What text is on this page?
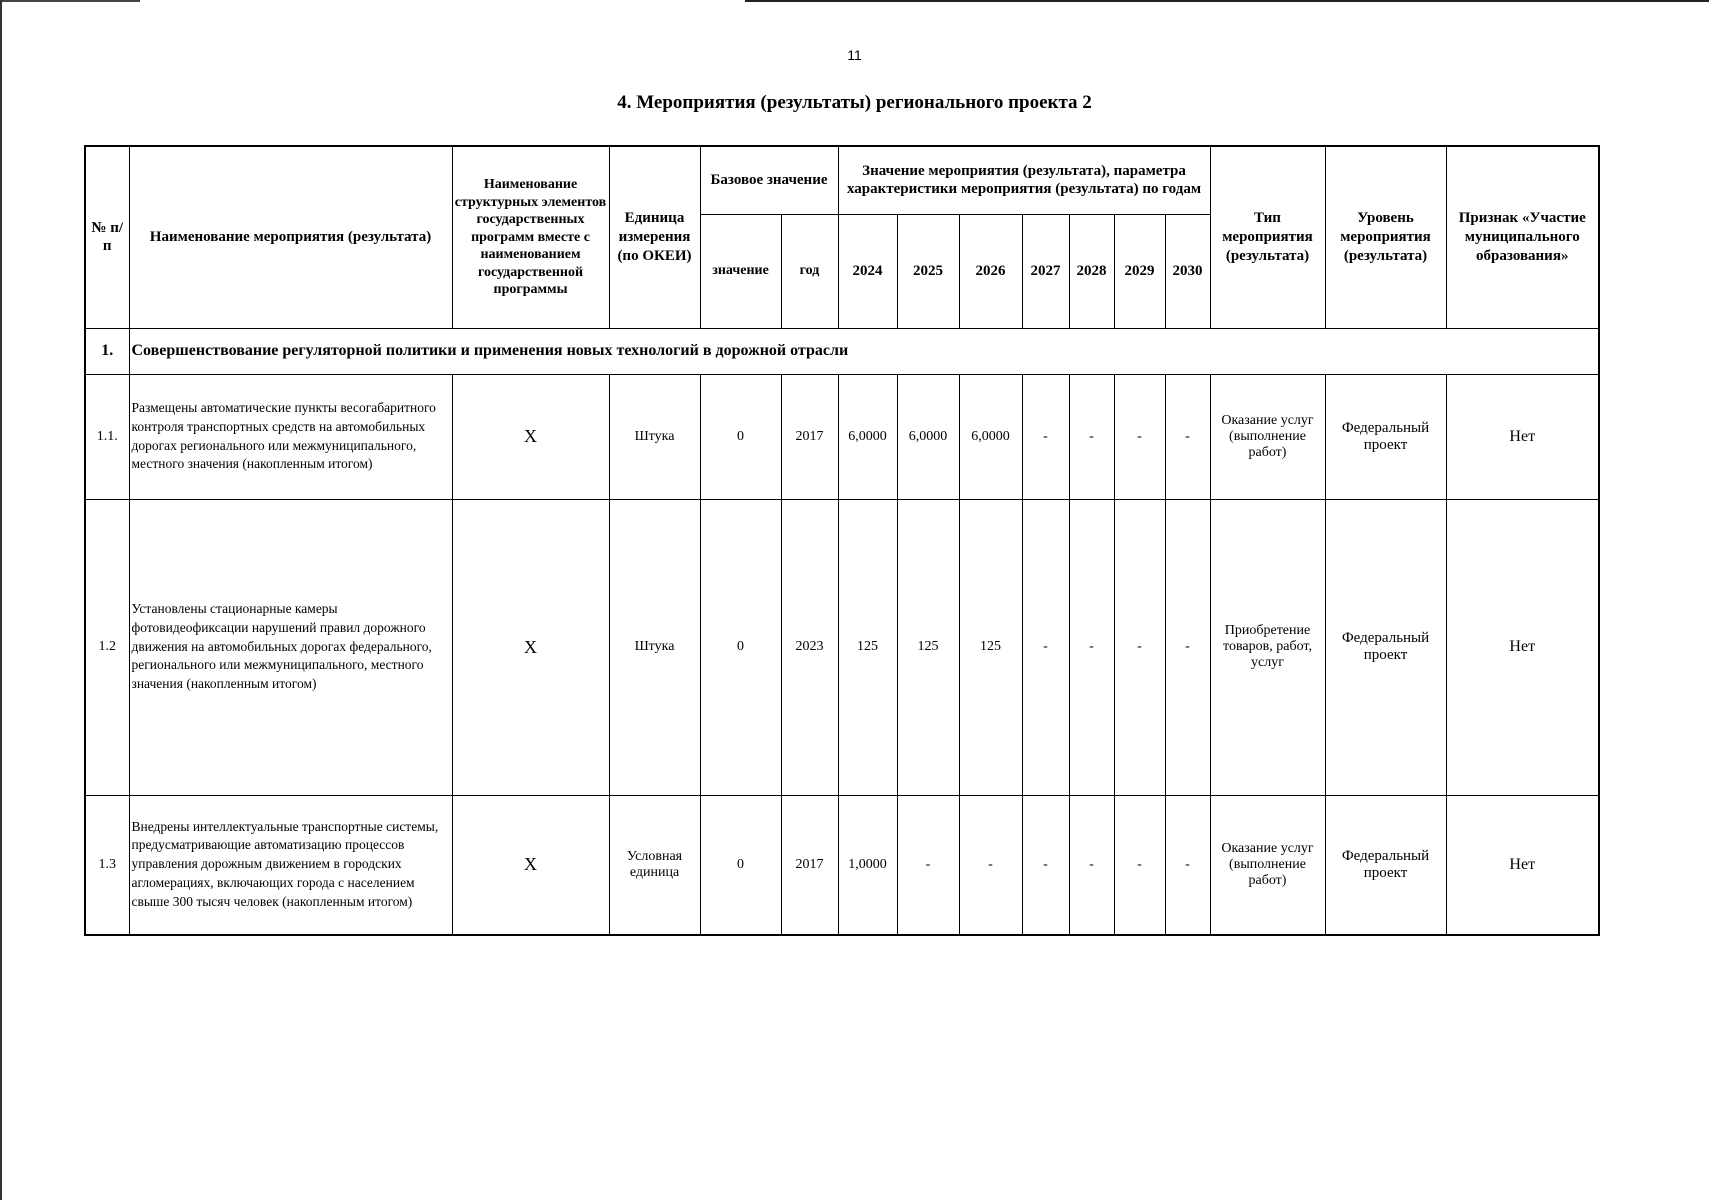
11
4. Мероприятия (результаты) регионального проекта 2
№ п/п	Наименование мероприятия (результата)	Наименование структурных элементов государственных программ вместе с наименованием государственной программы	Единица измерения (по ОКЕИ)	Базовое значение		Значение мероприятия (результата), параметра характеристики мероприятия (результата) по годам							Тип мероприятия (результата)	Уровень мероприятия (результата)	Признак «Участие муниципального образования»
				значение	год	2024	2025	2026	2027	2028	2029	2030			
1.	Совершенствование регуляторной политики и применения новых технологий в дорожной отрасли														
1.1.	Размещены автоматические пункты весогабаритного контроля транспортных средств на автомобильных дорогах регионального или межмуниципального, местного значения (накопленным итогом)	X	Штука	0	2017	6,0000	6,0000	6,0000	-	-	-	-	Оказание услуг (выполнение работ)	Федеральный проект	Нет
1.2	Установлены стационарные камеры фотовидеофиксации нарушений правил дорожного движения на автомобильных дорогах федерального, регионального или межмуниципального, местного значения (накопленным итогом)	X	Штука	0	2023	125	125	125	-	-	-	-	Приобретение товаров, работ, услуг	Федеральный проект	Нет
1.3	Внедрены интеллектуальные транспортные системы, предусматривающие автоматизацию процессов управления дорожным движением в городских агломерациях, включающих города с населением свыше 300 тысяч человек (накопленным итогом)	X	Условная единица	0	2017	1,0000	-	-	-	-	-	-	Оказание услуг (выполнение работ)	Федеральный проект	Нет
